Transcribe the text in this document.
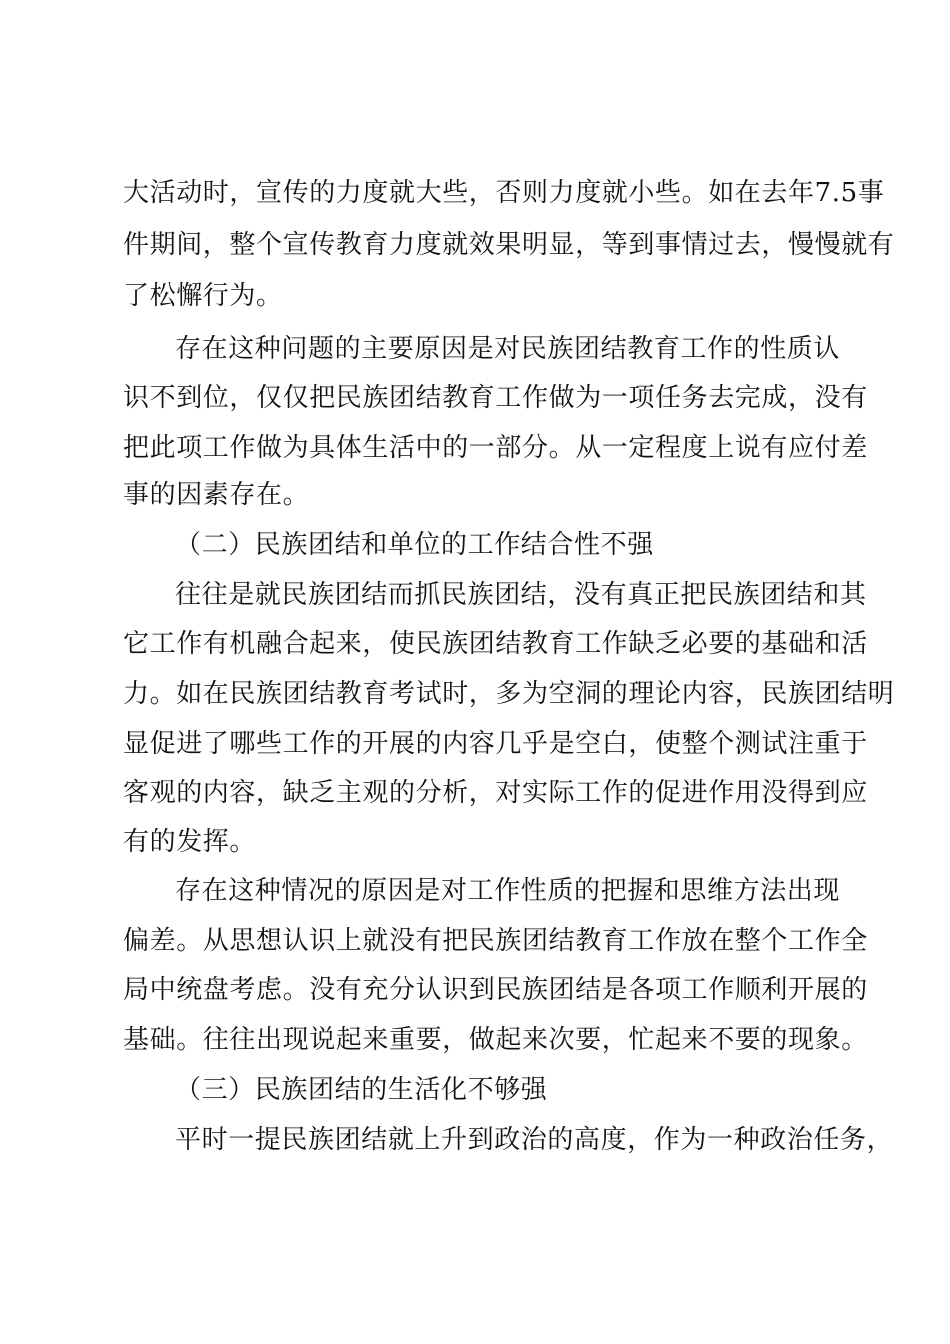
大活动时，宣传的力度就大些，否则力度就小些。如在去年7.5事
件期间，整个宣传教育力度就效果明显，等到事情过去，慢慢就有
了松懈行为。
存在这种问题的主要原因是对民族团结教育工作的性质认
识不到位，仅仅把民族团结教育工作做为一项任务去完成，没有
把此项工作做为具体生活中的一部分。从一定程度上说有应付差
事的因素存在。
（二）民族团结和单位的工作结合性不强
往往是就民族团结而抓民族团结，没有真正把民族团结和其
它工作有机融合起来，使民族团结教育工作缺乏必要的基础和活
力。如在民族团结教育考试时，多为空洞的理论内容，民族团结明
显促进了哪些工作的开展的内容几乎是空白，使整个测试注重于
客观的内容，缺乏主观的分析，对实际工作的促进作用没得到应
有的发挥。
存在这种情况的原因是对工作性质的把握和思维方法出现
偏差。从思想认识上就没有把民族团结教育工作放在整个工作全
局中统盘考虑。没有充分认识到民族团结是各项工作顺利开展的
基础。往往出现说起来重要，做起来次要，忙起来不要的现象。
（三）民族团结的生活化不够强
平时一提民族团结就上升到政治的高度，作为一种政治任务，
